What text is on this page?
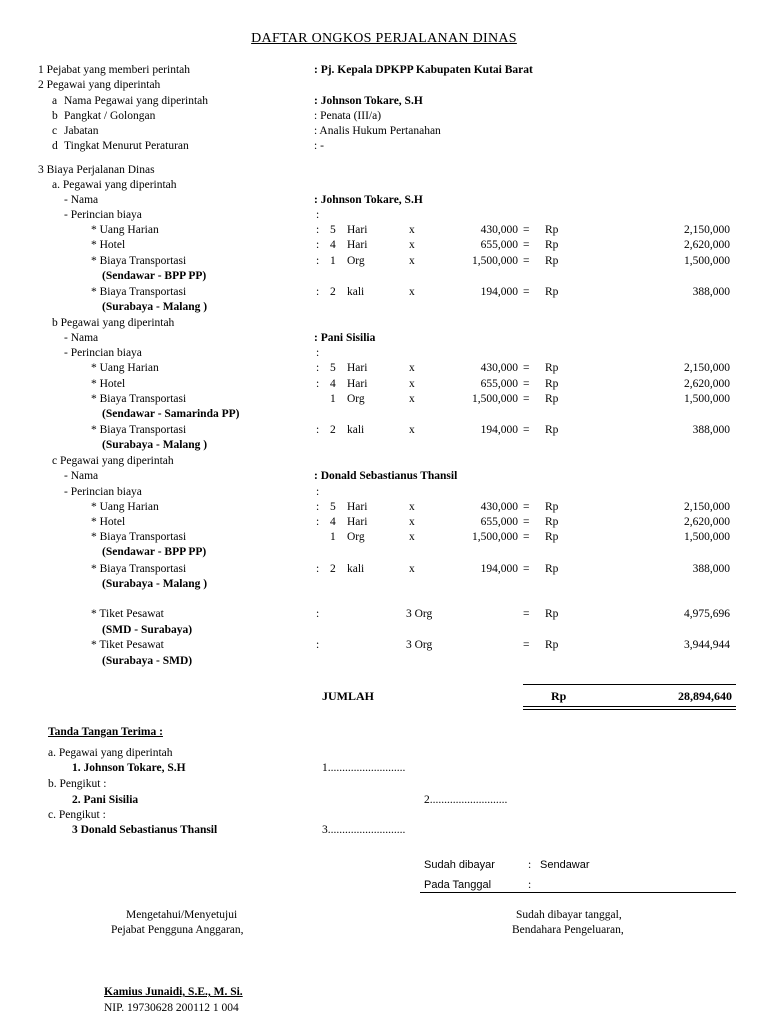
DAFTAR ONGKOS PERJALANAN DINAS
1 Pejabat yang memberi perintah	: Pj. Kepala DPKPP Kabupaten Kutai Barat
2 Pegawai yang diperintah
a Nama Pegawai yang diperintah	: Johnson Tokare, S.H
b Pangkat / Golongan	: Penata (III/a)
c Jabatan	: Analis Hukum Pertanahan
d Tingkat Menurut Peraturan	: -
3 Biaya Perjalanan Dinas
a. Pegawai yang diperintah
- Nama	: Johnson Tokare, S.H
- Perincian biaya	:
* Uang Harian	: 5 Hari	x	430,000 = Rp	2,150,000
* Hotel	: 4 Hari	x	655,000 = Rp	2,620,000
* Biaya Transportasi	: 1 Org	x	1,500,000 = Rp	1,500,000
(Sendawar - BPP PP)
* Biaya Transportasi	: 2 kali	x	194,000 = Rp	388,000
(Surabaya - Malang )
b Pegawai yang diperintah
- Nama	: Pani Sisilia
- Perincian biaya	:
* Uang Harian	: 5 Hari	x	430,000 = Rp	2,150,000
* Hotel	: 4 Hari	x	655,000 = Rp	2,620,000
* Biaya Transportasi	1 Org	x	1,500,000 = Rp	1,500,000
(Sendawar - Samarinda PP)
* Biaya Transportasi	: 2 kali	x	194,000 = Rp	388,000
(Surabaya - Malang )
c Pegawai yang diperintah
- Nama	: Donald Sebastianus Thansil
- Perincian biaya	:
* Uang Harian	: 5 Hari	x	430,000 = Rp	2,150,000
* Hotel	: 4 Hari	x	655,000 = Rp	2,620,000
* Biaya Transportasi	1 Org	x	1,500,000 = Rp	1,500,000
(Sendawar - BPP PP)
* Biaya Transportasi	: 2 kali	x	194,000 = Rp	388,000
(Surabaya - Malang )
* Tiket Pesawat	:	3 Org	= Rp	4,975,696
(SMD - Surabaya)
* Tiket Pesawat	:	3 Org	= Rp	3,944,944
(Surabaya - SMD)
JUMLAH	Rp	28,894,640
Tanda Tangan Terima :
a. Pegawai yang diperintah
1. Johnson Tokare, S.H	1...........................
b. Pengikut :
2. Pani Sisilia	2...........................
c. Pengikut :
3 Donald Sebastianus Thansil	3...........................
Sudah dibayar	: Sendawar
Pada Tanggal	:
Mengetahui/Menyetujui
Pejabat Pengguna Anggaran,
Sudah dibayar tanggal,
Bendahara Pengeluaran,
Kamius Junaidi, S.E., M. Si.
NIP. 19730628 200112 1 004
